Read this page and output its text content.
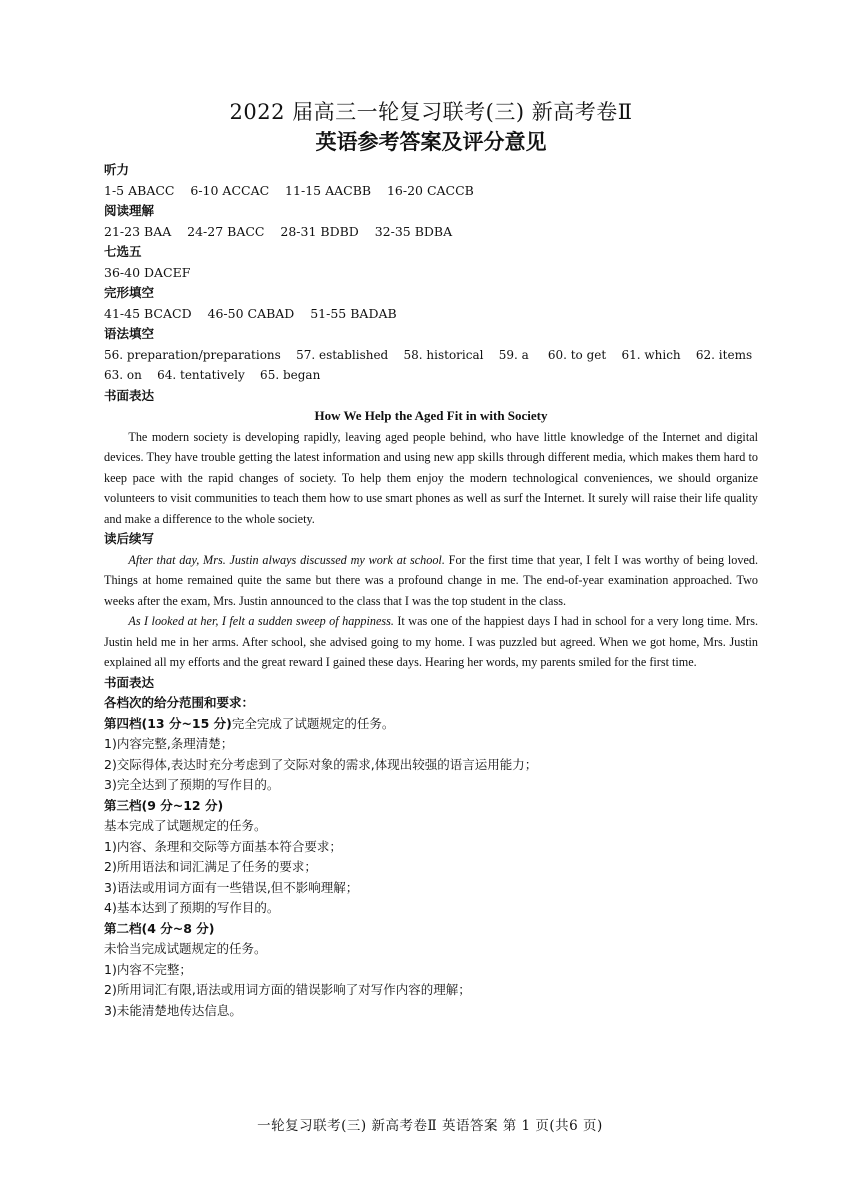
2022 届高三一轮复习联考(三) 新高考卷Ⅱ
英语参考答案及评分意见
听力
1-5 ABACC    6-10 ACCAC    11-15 AACBB    16-20 CACCB
阅读理解
21-23 BAA    24-27 BACC    28-31 BDBD    32-35 BDBA
七选五
36-40 DACEF
完形填空
41-45 BCACD    46-50 CABAD    51-55 BADAB
语法填空
56. preparation/preparations    57. established    58. historical    59. a     60. to get    61. which    62. items
63. on    64. tentatively    65. began
书面表达
How We Help the Aged Fit in with Society
The modern society is developing rapidly, leaving aged people behind, who have little knowledge of the Internet and digital devices. They have trouble getting the latest information and using new app skills through different media, which makes them hard to keep pace with the rapid changes of society. To help them enjoy the modern technological conveniences, we should organize volunteers to visit communities to teach them how to use smart phones as well as surf the Internet. It surely will raise their life quality and make a difference to the whole society.
读后续写
After that day, Mrs. Justin always discussed my work at school. For the first time that year, I felt I was worthy of being loved. Things at home remained quite the same but there was a profound change in me. The end-of-year examination approached. Two weeks after the exam, Mrs. Justin announced to the class that I was the top student in the class.
As I looked at her, I felt a sudden sweep of happiness. It was one of the happiest days I had in school for a very long time. Mrs. Justin held me in her arms. After school, she advised going to my home. I was puzzled but agreed. When we got home, Mrs. Justin explained all my efforts and the great reward I gained these days. Hearing her words, my parents smiled for the first time.
书面表达
各档次的给分范围和要求：
第四档(13 分~15 分)完全完成了试题规定的任务。
1)内容完整,条理清楚；
2)交际得体,表达时充分考虑到了交际对象的需求,体现出较强的语言运用能力；
3)完全达到了预期的写作目的。
第三档(9 分~12 分)
基本完成了试题规定的任务。
1)内容、条理和交际等方面基本符合要求；
2)所用语法和词汇满足了任务的要求；
3)语法或用词方面有一些错误,但不影响理解；
4)基本达到了预期的写作目的。
第二档(4 分~8 分)
未恰当完成试题规定的任务。
1)内容不完整；
2)所用词汇有限,语法或用词方面的错误影响了对写作内容的理解；
3)未能清楚地传达信息。
一轮复习联考(三) 新高考卷Ⅱ 英语答案 第 1 页(共6 页)
